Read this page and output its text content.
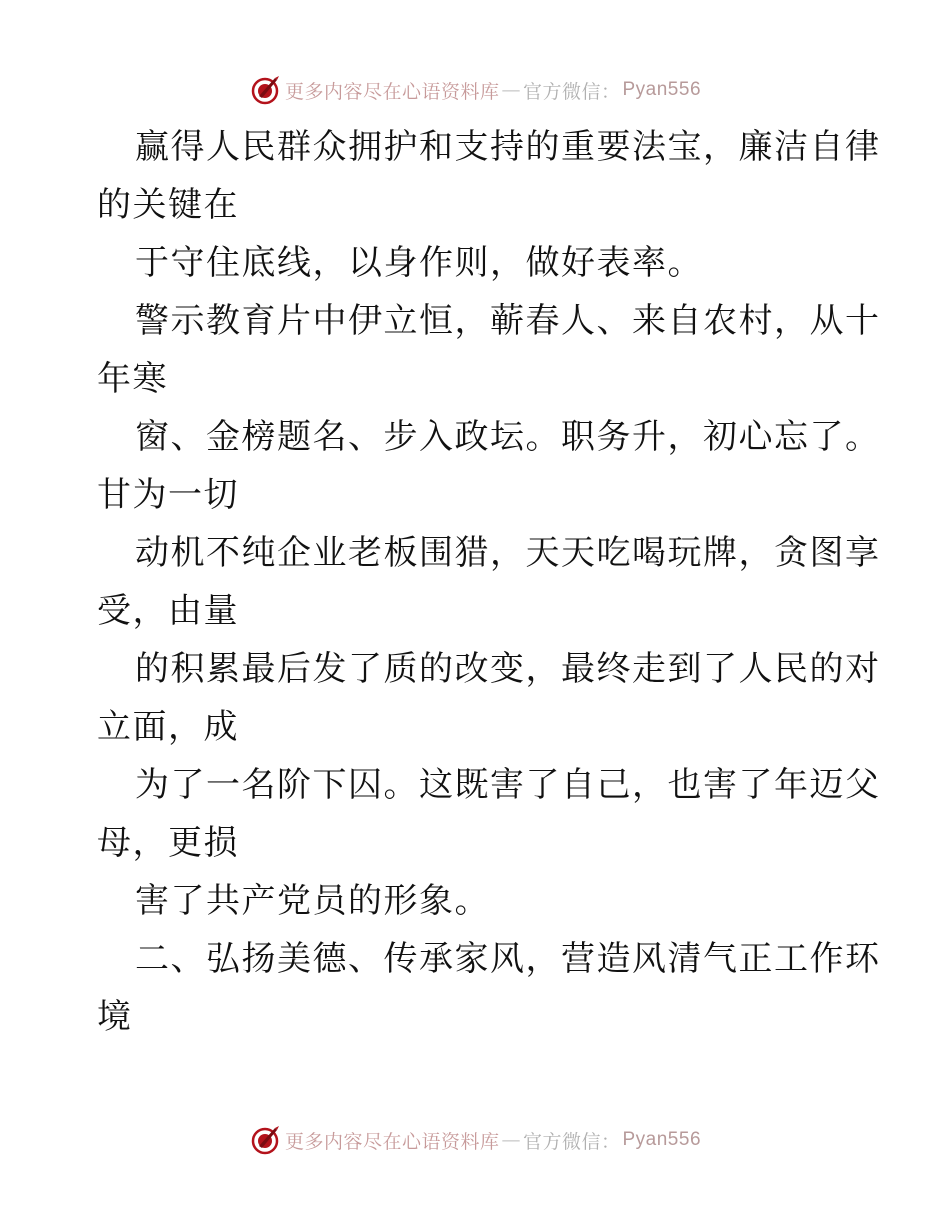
更多内容尽在心语资料库 — 官方微信： Pyan556
赢得人民群众拥护和支持的重要法宝，廉洁自律
的关键在
于守住底线，以身作则，做好表率。
警示教育片中伊立恒，蕲春人、来自农村，从十
年寒
窗、金榜题名、步入政坛。职务升，初心忘了。
甘为一切
动机不纯企业老板围猎，天天吃喝玩牌，贪图享
受，由量
的积累最后发了质的改变，最终走到了人民的对
立面，成
为了一名阶下囚。这既害了自己，也害了年迈父
母，更损
害了共产党员的形象。
二、弘扬美德、传承家风，营造风清气正工作环
境
更多内容尽在心语资料库 — 官方微信： Pyan556
